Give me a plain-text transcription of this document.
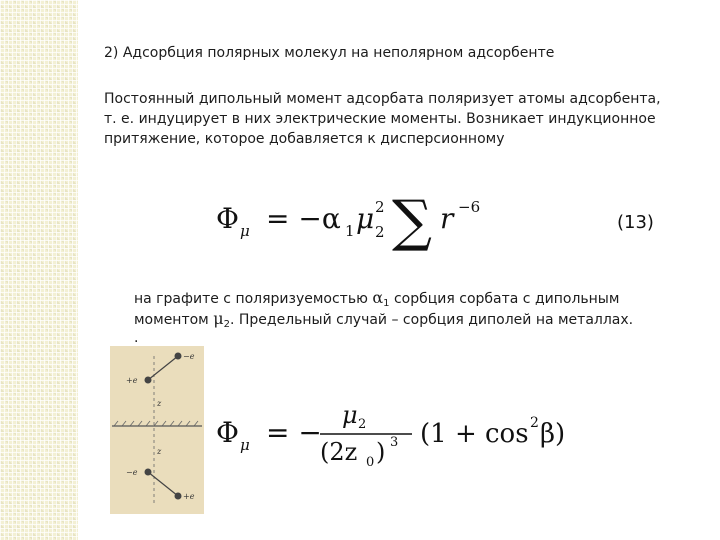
2) Адсорбция полярных молекул на неполярном адсорбенте
Постоянный дипольный момент адсорбата поляризует атомы адсорбента,
т. е. индуцирует в них электрические моменты. Возникает индукционное
притяжение, которое добавляется к дисперсионному
Φ μ = −α 1 μ 2
2 ∑ r −6
(13)
на графите с поляризуемостью $\alpha_1$ сорбция сорбата с дипольным
моментом $\mu_2$. Предельный случай – сорбция диполей на металлах.
.
−e
+e
z
z
−e
+e
Φ μ = −
μ 2
(2z 0 ) 3 (1 + cos 2 β)
